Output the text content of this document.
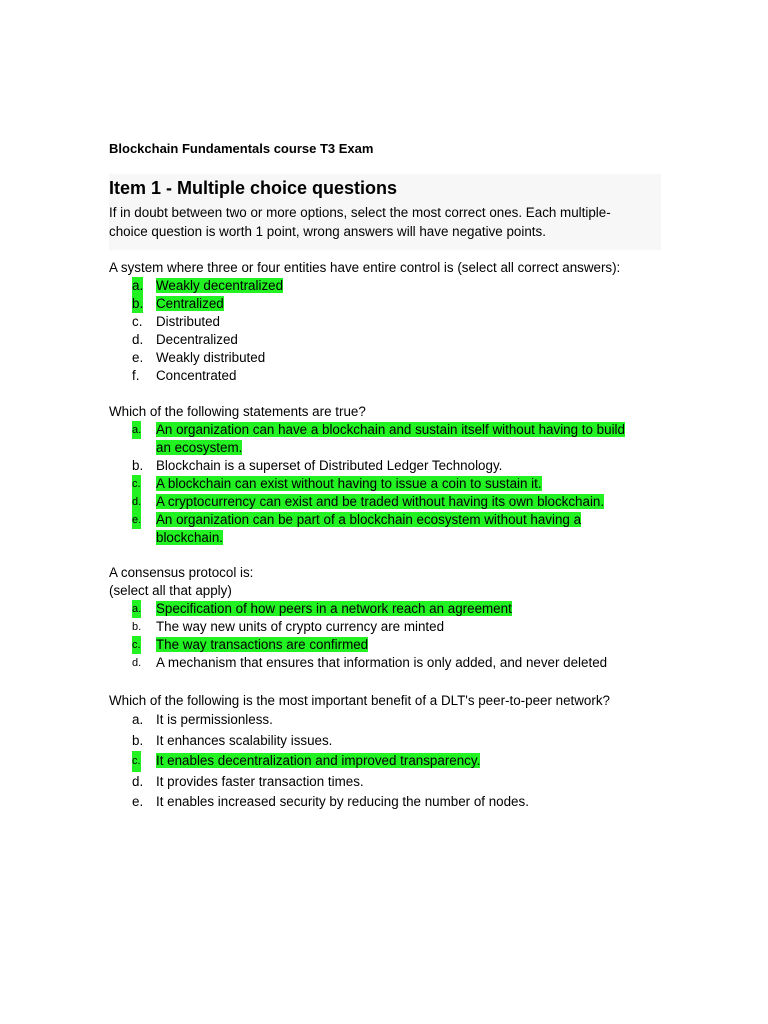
Blockchain Fundamentals course T3 Exam
Item 1 - Multiple choice questions
If in doubt between two or more options, select the most correct ones. Each multiple-
choice question is worth 1 point, wrong answers will have negative points.

A system where three or four entities have entire control is (select all correct answers):

a. Weakly decentralized
b. Centralized
c. Distributed
d. Decentralized
e. Weakly distributed
f. Concentrated

Which of the following statements are true?

a. An organization can have a blockchain and sustain itself without having to build
an ecosystem.
b. Blockchain is a superset of Distributed Ledger Technology.
c. A blockchain can exist without having to issue a coin to sustain it.
d. A cryptocurrency can exist and be traded without having its own blockchain.
e. An organization can be part of a blockchain ecosystem without having a
blockchain.

A consensus protocol is:

(select all that apply)

a. Specification of how peers in a network reach an agreement
b. The way new units of crypto currency are minted
c. The way transactions are confirmed
d. A mechanism that ensures that information is only added, and never deleted

Which of the following is the most important benefit of a DLT's peer-to-peer network?

a. It is permissionless.
b. It enhances scalability issues.
c. It enables decentralization and improved transparency.
d. It provides faster transaction times.
e. It enables increased security by reducing the number of nodes.
